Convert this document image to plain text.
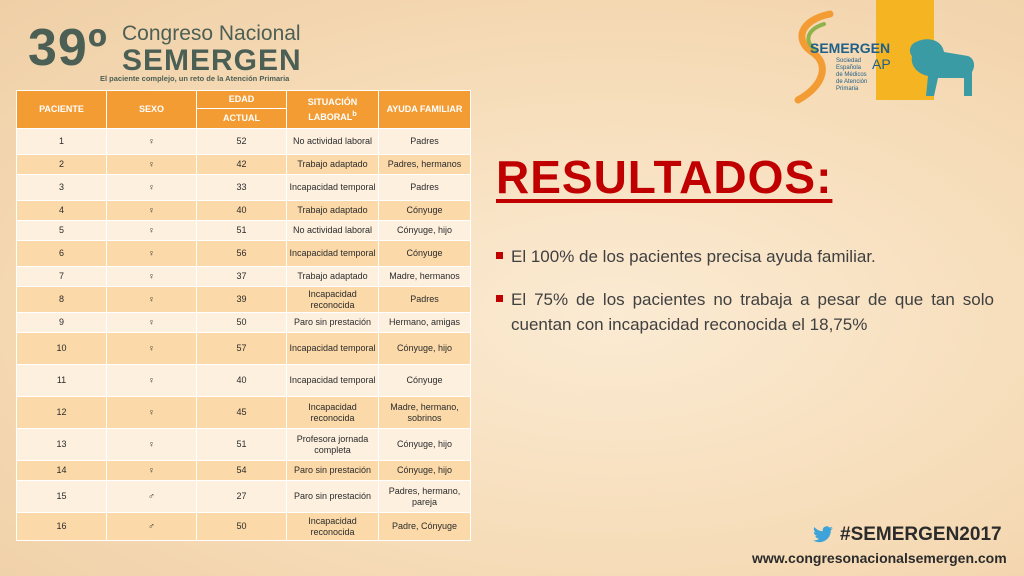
39º Congreso Nacional
SEMERGEN
El paciente complejo, un reto de la Atención Primaria
PACIENTE	SEXO	EDAD	SITUACIÓN LABORAL$^b$	AYUDA FAMILIAR
		ACTUAL		
1	♀	52	No actividad laboral	Padres
2	♀	42	Trabajo adaptado	Padres, hermanos
3	♀	33	Incapacidad temporal	Padres
4	♀	40	Trabajo adaptado	Cónyuge
5	♀	51	No actividad laboral	Cónyuge, hijo
6	♀	56	Incapacidad temporal	Cónyuge
7	♀	37	Trabajo adaptado	Madre, hermanos
8	♀	39	Incapacidad reconocida	Padres
9	♀	50	Paro sin prestación	Hermano, amigas
10	♀	57	Incapacidad temporal	Cónyuge, hijo
11	♀	40	Incapacidad temporal	Cónyuge
12	♀	45	Incapacidad reconocida	Madre, hermano, sobrinos
13	♀	51	Profesora jornada completa	Cónyuge, hijo
14	♀	54	Paro sin prestación	Cónyuge, hijo
15	♂	27	Paro sin prestación	Padres, hermano, pareja
16	♂	50	Incapacidad reconocida	Padre, Cónyuge
SEMERGEN
AP
Sociedad
Española
de Médicos
de Atención
Primaria
RESULTADOS:
El 100% de los pacientes precisa ayuda familiar.
El 75% de los pacientes no trabaja a pesar de que tan solo cuentan con incapacidad reconocida el 18,75%
#SEMERGEN2017
www.congresonacionalsemergen.com
